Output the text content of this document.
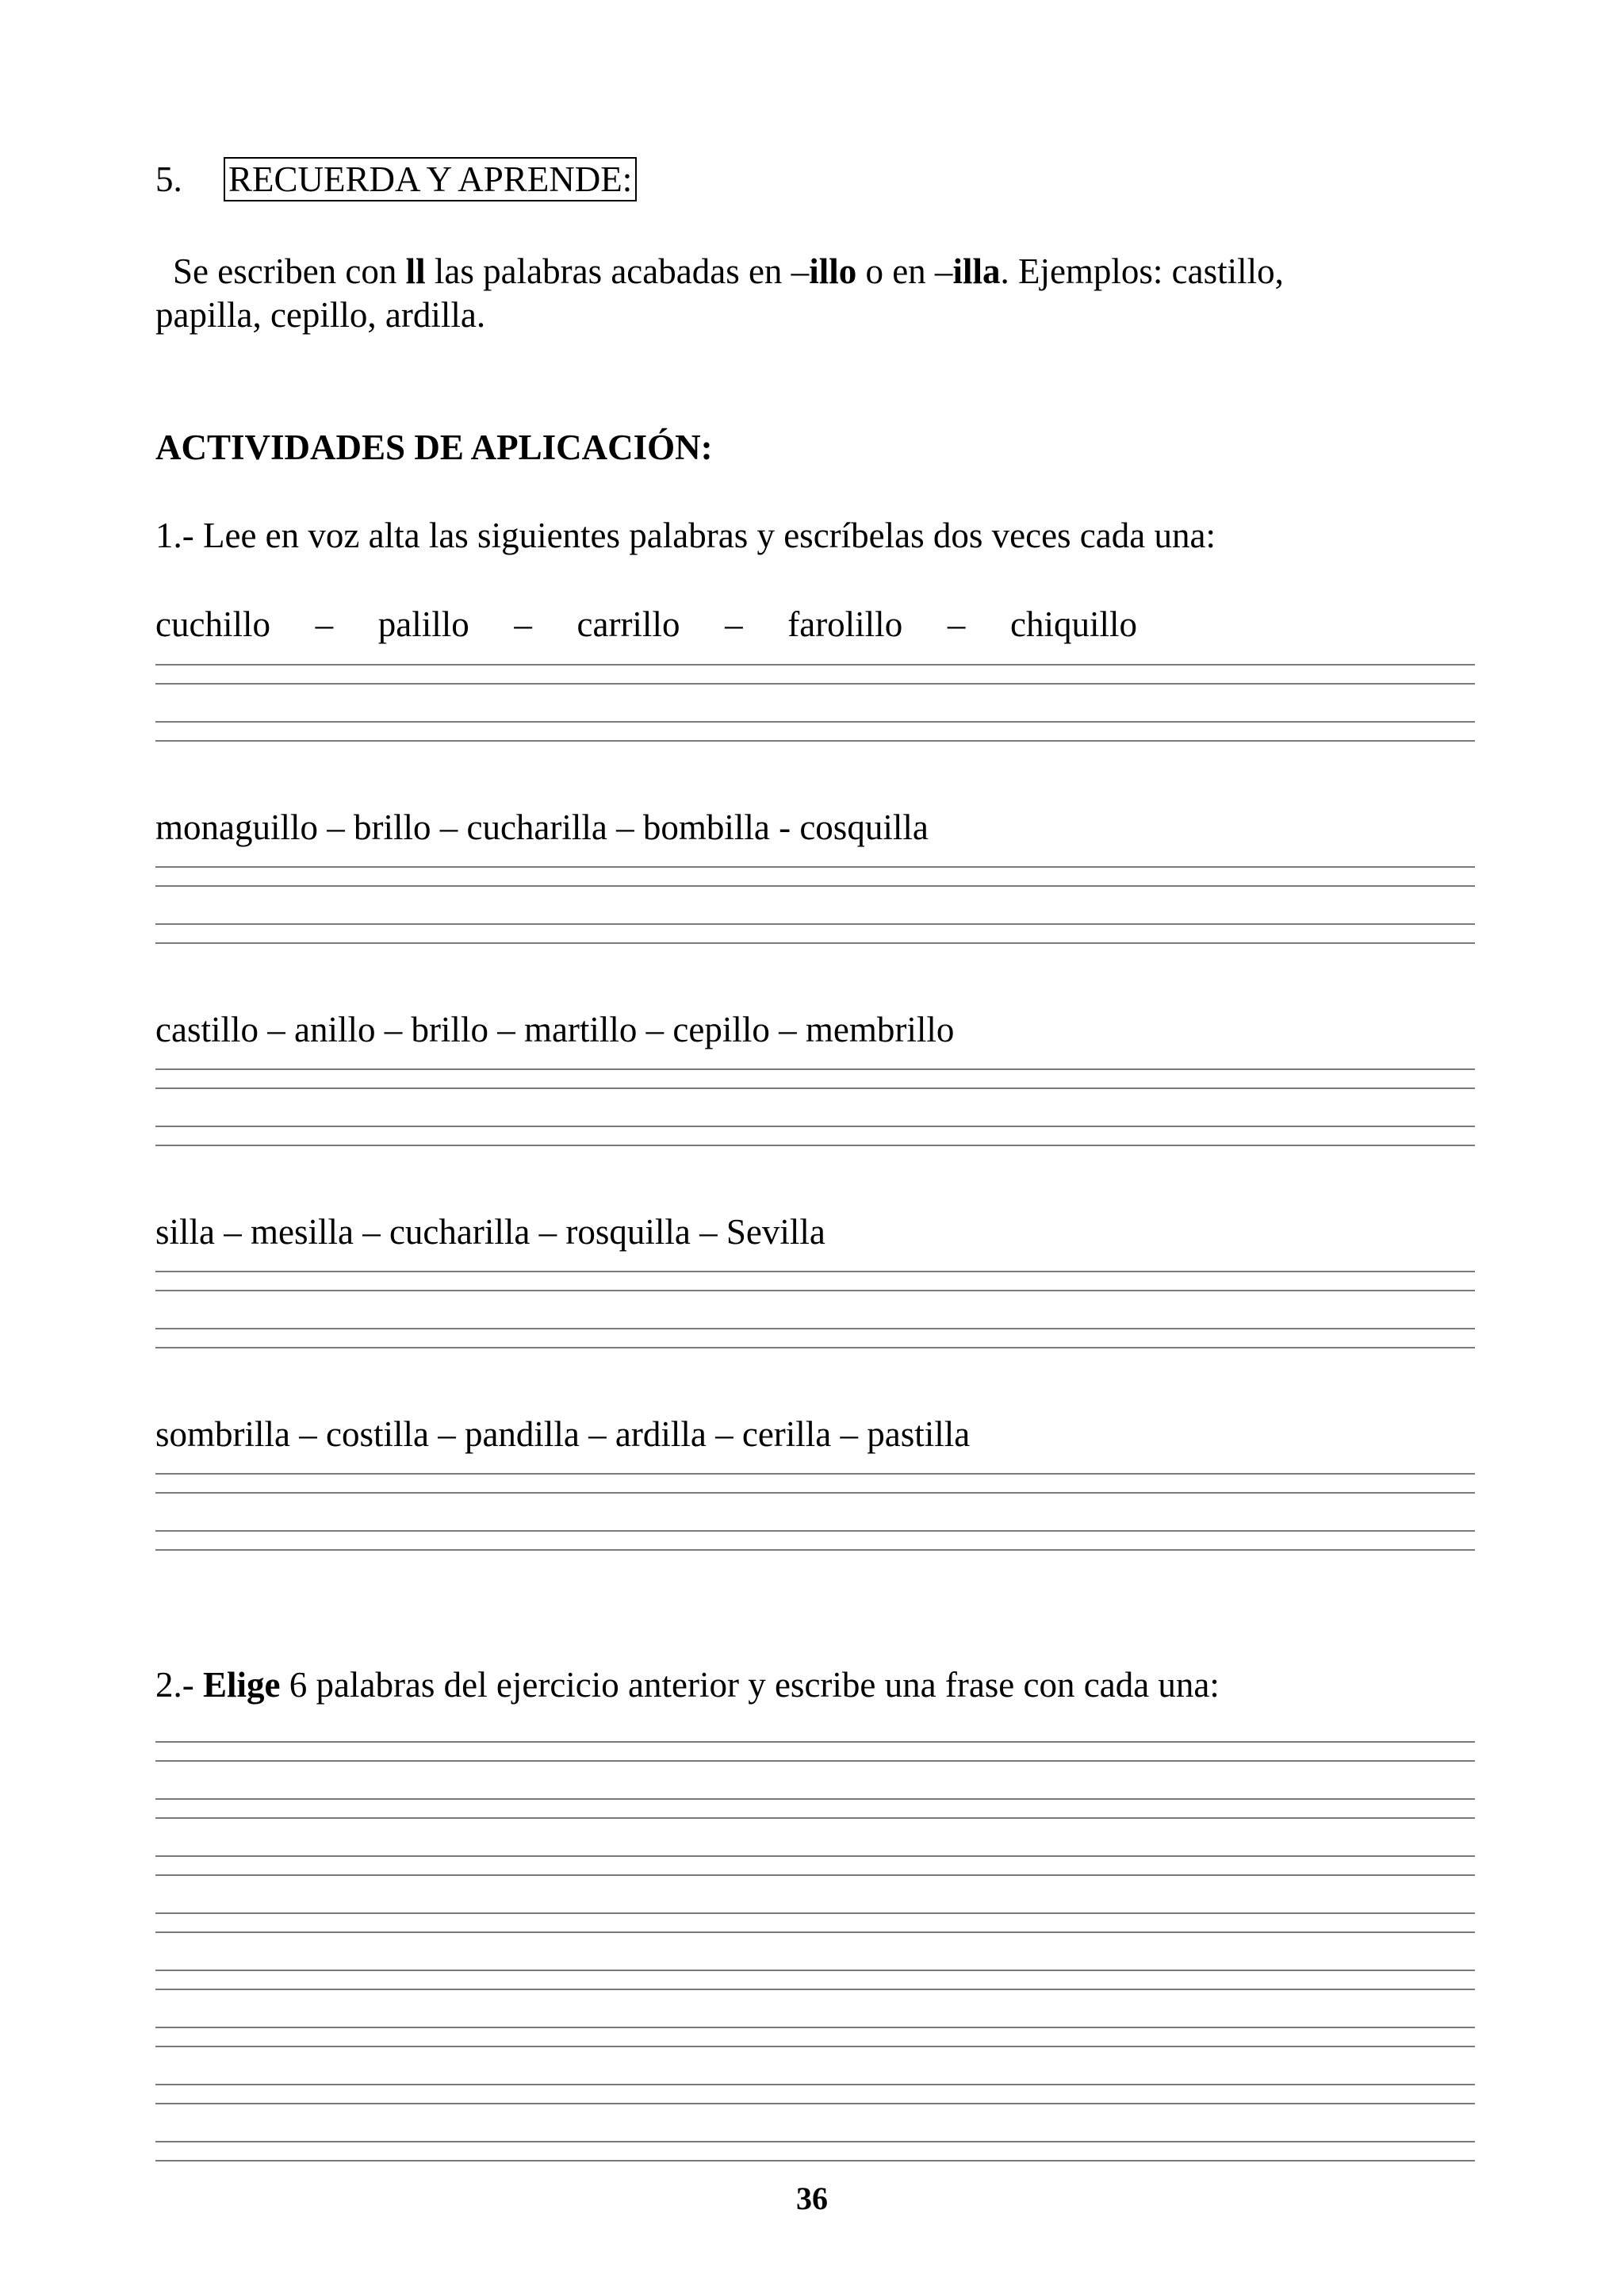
5. RECUERDA Y APRENDE:
Se escriben con ll las palabras acabadas en –illo o en –illa. Ejemplos: castillo,
papilla, cepillo, ardilla.
ACTIVIDADES DE APLICACIÓN:
1.- Lee en voz alta las siguientes palabras y escríbelas dos veces cada una:
cuchillo – palillo – carrillo – farolillo – chiquillo
monaguillo – brillo – cucharilla – bombilla - cosquilla
castillo – anillo – brillo – martillo – cepillo – membrillo
silla – mesilla – cucharilla – rosquilla – Sevilla
sombrilla – costilla – pandilla – ardilla – cerilla – pastilla
2.- Elige 6 palabras del ejercicio anterior y escribe una frase con cada una:
36
